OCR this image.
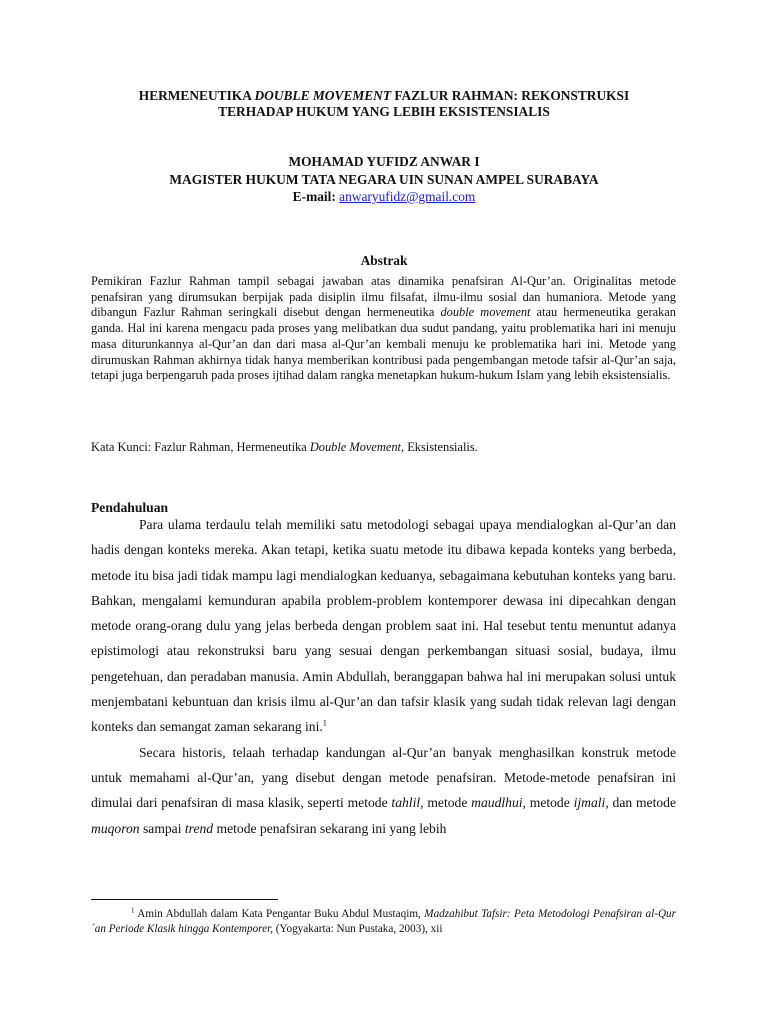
HERMENEUTIKA DOUBLE MOVEMENT FAZLUR RAHMAN: REKONSTRUKSI
TERHADAP HUKUM YANG LEBIH EKSISTENSIALIS
MOHAMAD YUFIDZ ANWAR I
MAGISTER HUKUM TATA NEGARA UIN SUNAN AMPEL SURABAYA
E-mail: anwaryufidz@gmail.com
Abstrak

Pemikiran Fazlur Rahman tampil sebagai jawaban atas dinamika penafsiran Al-Qur’an. Originalitas metode penafsiran yang dirumsukan berpijak pada disiplin ilmu filsafat, ilmu-ilmu sosial dan humaniora. Metode yang dibangun Fazlur Rahman seringkali disebut dengan hermeneutika double movement atau hermeneutika gerakan ganda. Hal ini karena mengacu pada proses yang melibatkan dua sudut pandang, yaitu problematika hari ini menuju masa diturunkannya al-Qur’an dan dari masa al-Qur’an kembali menuju ke problematika hari ini. Metode yang dirumuskan Rahman akhirnya tidak hanya memberikan kontribusi pada pengembangan metode tafsir al-Qur’an saja, tetapi juga berpengaruh pada proses ijtihad dalam rangka menetapkan hukum-hukum Islam yang lebih eksistensialis.

Kata Kunci: Fazlur Rahman, Hermeneutika Double Movement, Eksistensialis.

Pendahuluan

Para ulama terdaulu telah memiliki satu metodologi sebagai upaya mendialogkan al-Qur’an dan hadis dengan konteks mereka. Akan tetapi, ketika suatu metode itu dibawa kepada konteks yang berbeda, metode itu bisa jadi tidak mampu lagi mendialogkan keduanya, sebagaimana kebutuhan konteks yang baru. Bahkan, mengalami kemunduran apabila problem-problem kontemporer dewasa ini dipecahkan dengan metode orang-orang dulu yang jelas berbeda dengan problem saat ini. Hal tesebut tentu menuntut adanya epistimologi atau rekonstruksi baru yang sesuai dengan perkembangan situasi sosial, budaya, ilmu pengetehuan, dan peradaban manusia. Amin Abdullah, beranggapan bahwa hal ini merupakan solusi untuk menjembatani kebuntuan dan krisis ilmu al-Qur’an dan tafsir klasik yang sudah tidak relevan lagi dengan konteks dan semangat zaman sekarang ini.$^1$

Secara historis, telaah terhadap kandungan al-Qur’an banyak menghasilkan konstruk metode untuk memahami al-Qur’an, yang disebut dengan metode penafsiran. Metode-metode penafsiran ini dimulai dari penafsiran di masa klasik, seperti metode tahlil, metode maudlhui, metode ijmali, dan metode muqoron sampai trend metode penafsiran sekarang ini yang lebih

$^1$ Amin Abdullah dalam Kata Pengantar Buku Abdul Mustaqim, Madzahibut Tafsir: Peta Metodologi Penafsiran al-Qur´an Periode Klasik hingga Kontemporer, (Yogyakarta: Nun Pustaka, 2003), xii
